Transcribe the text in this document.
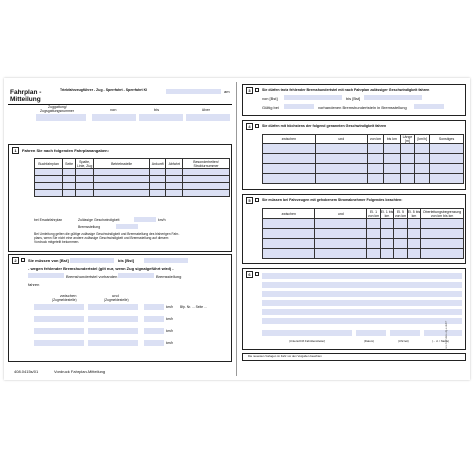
Fahrplan -
Mitteilung
Triebfahrzeugführer - Zug - Sperrfahrt - Sperrfahrt Kl	am
Zuggattung/
Zugsgattungsnummer	von	bis	über
1	Fahren Sie nach folgenden Fahrplanangaben:
Buchfahrplan	Seite	Spalte, Linie, Zug	Betriebsstelle	Ankunft	Abfahrt	Besonderheiten/ Strukturnummer

bei Ersatzfahrplan	Zulässige Geschwindigkeit	km/h
Bremsstellung
Bei Umleitung gelten die gültige zulässige Geschwindigkeit und Bremsstellung des bisherigen Fahr-
plans, wenn Sie nicht eine andere zulässige Geschwindigkeit und Bremsstellung auf diesem
Vordruck mitgeteilt bekommen.
2	Sie müssen von [Bst]	bis [Bst]
- wegen fehlender Bremshundertstel (gilt nur, wenn Zug signalgeführt wird) -
Bremshundertstel vorhanden	Bremsstellung
fahren
zwischen	und
(Zugmeldestelle)	(Zugmeldestelle)
km/h Bfp. Nr. ... Seite ...
km/h
km/h
km/h
408.0415s/01	Vordruck Fahrplan-Mitteilung
3	Sie dürfen trotz fehlender Bremshundertstel mit nach Fahrplan zulässiger Geschwindigkeit fahren
von [Bst]	bis [Bst]
Gültig bei	vorhandenen Bremshundertsteln in Bremsstellung
4	Sie dürfen mit höchstens der folgend genannten Geschwindigkeit fahren
zwischen	und	von km	bis km	Länge [m]	[km/h]	Sonstiges

5	Sie müssen bei Fahrzeugen mit gehobenem Stromabnehmer Folgendes beachten:
zwischen	und	El. 1 von km	El. 1 bis km	El. 5 von km	El. 5 bis km	Oberleitungsbegrenzung von km bis km

6
(Unterschrift Fahrdienstleiter)	(Datum)	(Uhrzeit)	(... d. / Name)
Die neuesten Vorlagen im Fahr vor den Vorgaben beachten
www.formulare-dg-e.de/07
